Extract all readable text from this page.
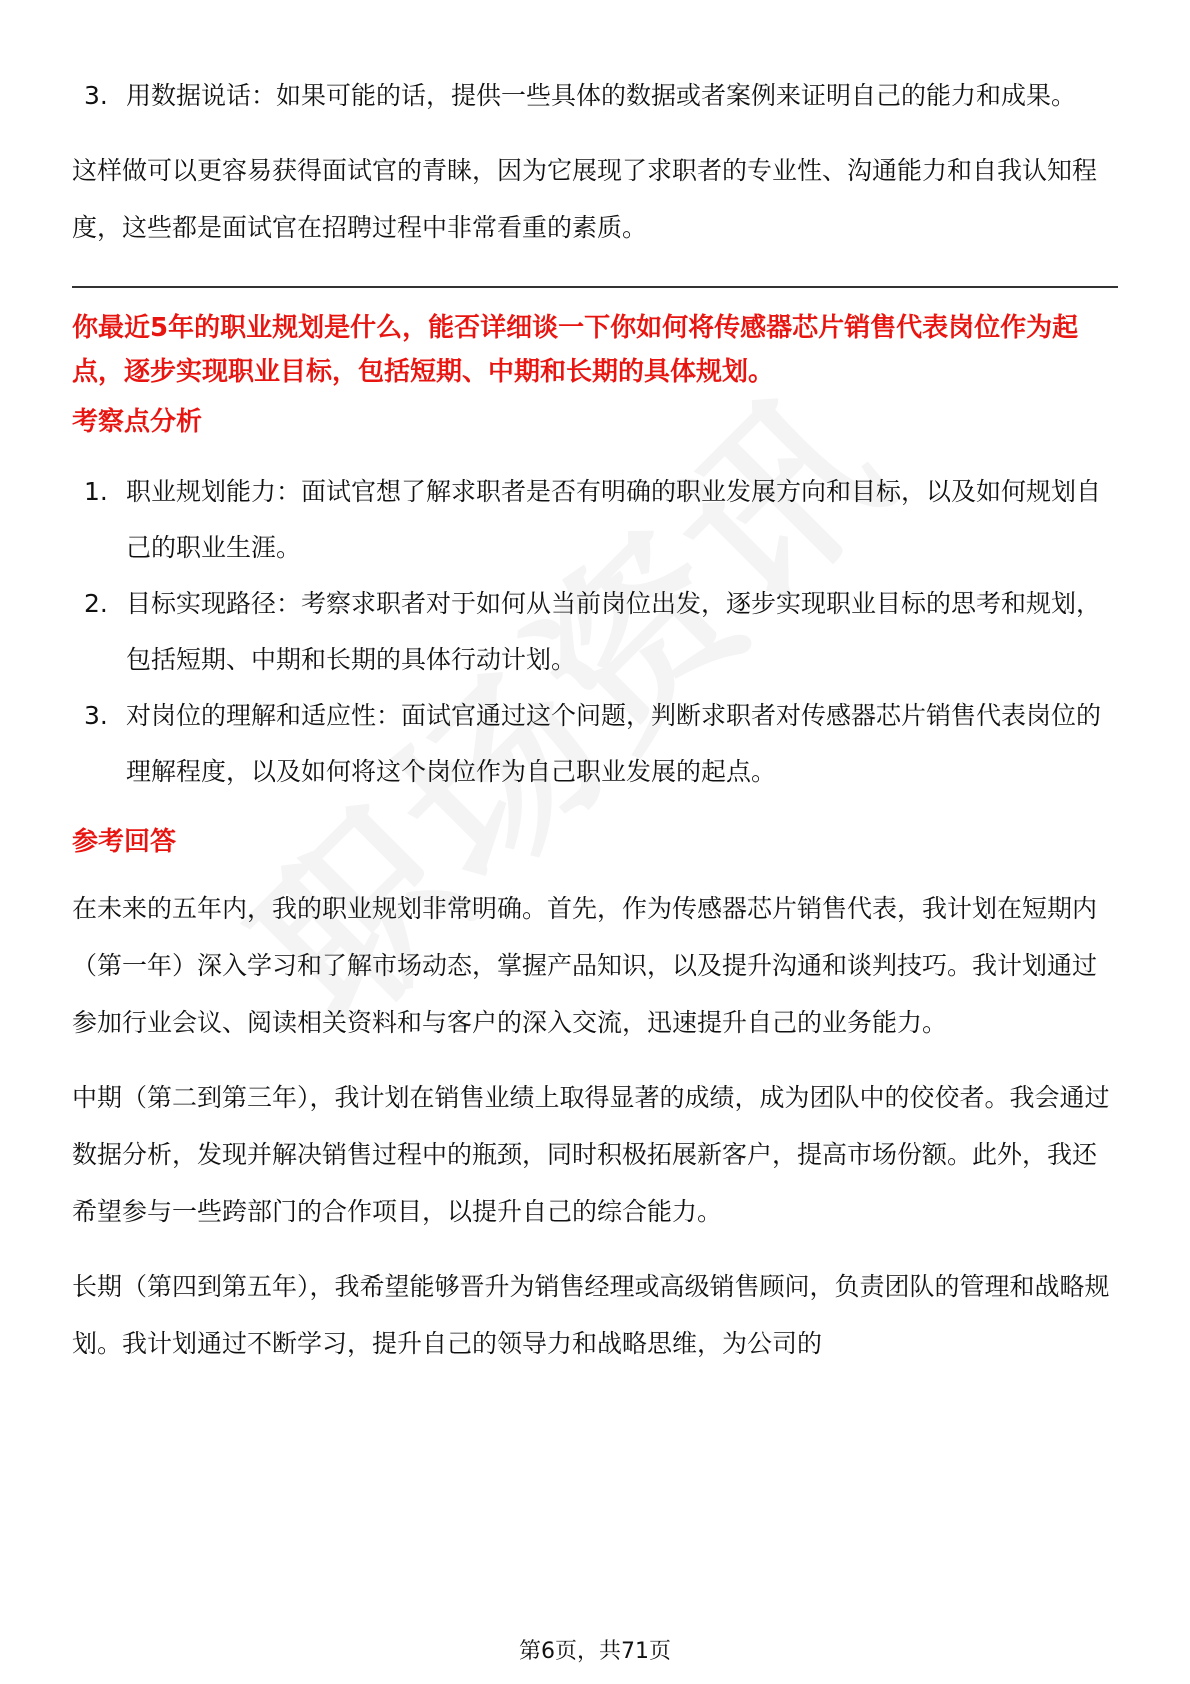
3. 用数据说话：如果可能的话，提供一些具体的数据或者案例来证明自己的能力和成果。

这样做可以更容易获得面试官的青睐，因为它展现了求职者的专业性、沟通能力和自我认知程度，这些都是面试官在招聘过程中非常看重的素质。

你最近5年的职业规划是什么，能否详细谈一下你如何将传感器芯片销售代表岗位作为起点，逐步实现职业目标，包括短期、中期和长期的具体规划。

考察点分析

1. 职业规划能力：面试官想了解求职者是否有明确的职业发展方向和目标，以及如何规划自己的职业生涯。
2. 目标实现路径：考察求职者对于如何从当前岗位出发，逐步实现职业目标的思考和规划，包括短期、中期和长期的具体行动计划。
3. 对岗位的理解和适应性：面试官通过这个问题，判断求职者对传感器芯片销售代表岗位的理解程度，以及如何将这个岗位作为自己职业发展的起点。

参考回答

在未来的五年内，我的职业规划非常明确。首先，作为传感器芯片销售代表，我计划在短期内（第一年）深入学习和了解市场动态，掌握产品知识，以及提升沟通和谈判技巧。我计划通过参加行业会议、阅读相关资料和与客户的深入交流，迅速提升自己的业务能力。

中期（第二到第三年），我计划在销售业绩上取得显著的成绩，成为团队中的佼佼者。我会通过数据分析，发现并解决销售过程中的瓶颈，同时积极拓展新客户，提高市场份额。此外，我还希望参与一些跨部门的合作项目，以提升自己的综合能力。

长期（第四到第五年），我希望能够晋升为销售经理或高级销售顾问，负责团队的管理和战略规划。我计划通过不断学习，提升自己的领导力和战略思维，为公司的

第6页，共71页
